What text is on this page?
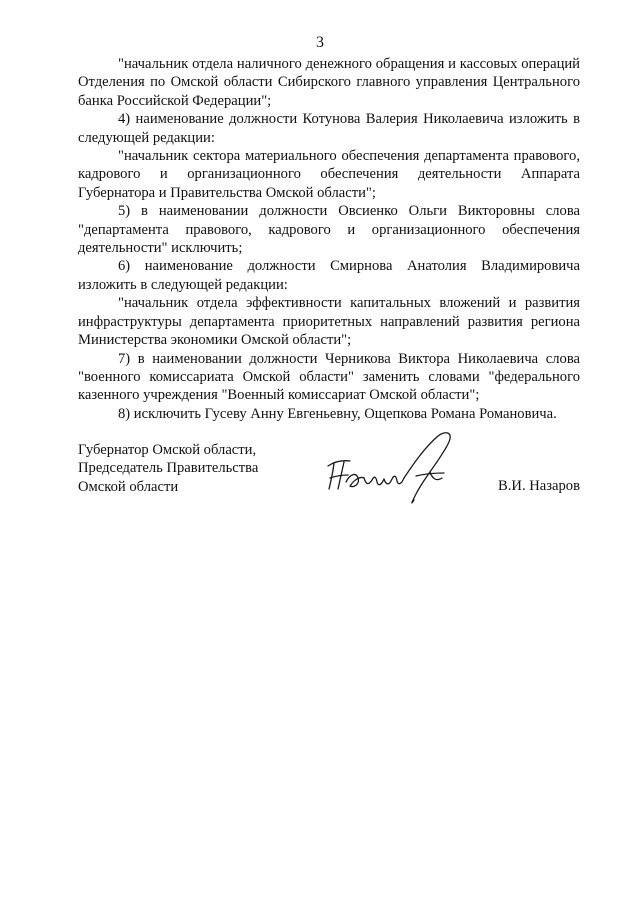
3

"начальник отдела наличного денежного обращения и кассовых операций Отделения по Омской области Сибирского главного управления Центрального банка Российской Федерации";

4) наименование должности Котунова Валерия Николаевича изложить в следующей редакции:

"начальник сектора материального обеспечения департамента правового, кадрового и организационного обеспечения деятельности Аппарата Губернатора и Правительства Омской области";

5) в наименовании должности Овсиенко Ольги Викторовны слова "департамента правового, кадрового и организационного обеспечения деятельности" исключить;

6) наименование должности Смирнова Анатолия Владимировича изложить в следующей редакции:

"начальник отдела эффективности капитальных вложений и развития инфраструктуры департамента приоритетных направлений развития региона Министерства экономики Омской области";

7) в наименовании должности Черникова Виктора Николаевича слова "военного комиссариата Омской области" заменить словами "федерального казенного учреждения "Военный комиссариат Омской области";

8) исключить Гусеву Анну Евгеньевну, Ощепкова Романа Романовича.

Губернатор Омской области,
Председатель Правительства
Омской области	В.И. Назаров
